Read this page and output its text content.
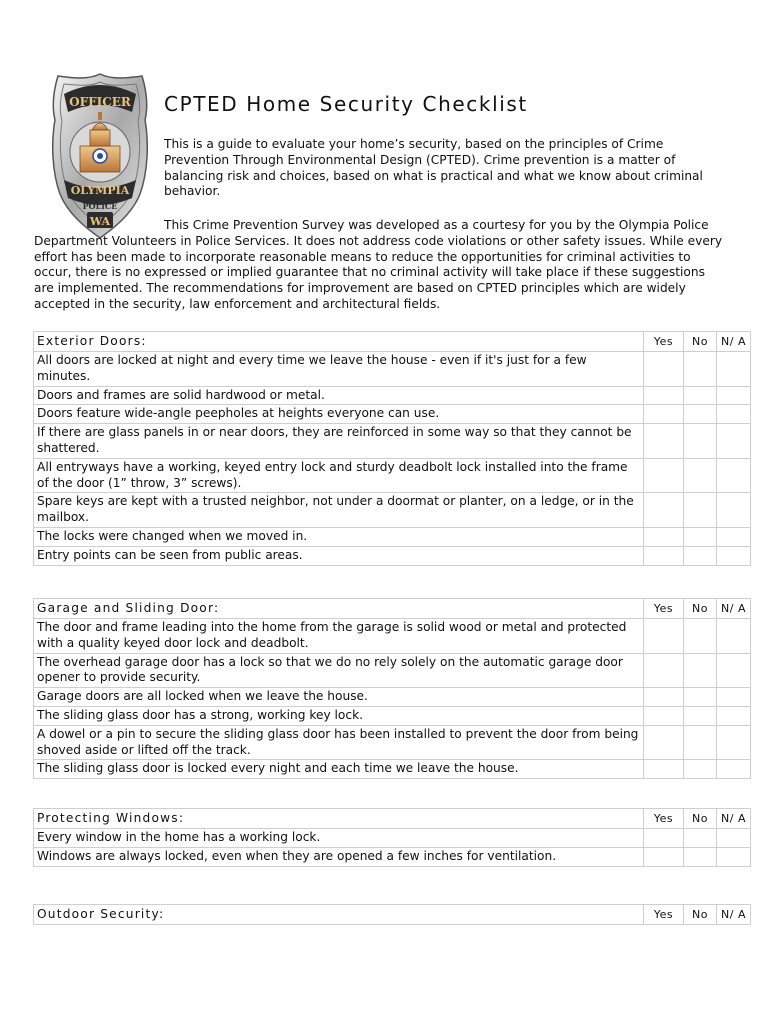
OFFICER
OLYMPIA
POLICE
WA
CPTED Home Security Checklist

This is a guide to evaluate your home’s security, based on the principles of Crime Prevention Through Environmental Design (CPTED). Crime prevention is a matter of balancing risk and choices, based on what is practical and what we know about criminal behavior.

This Crime Prevention Survey was developed as a courtesy for you by the Olympia Police Department Volunteers in Police Services. It does not address code violations or other safety issues. While every effort has been made to incorporate reasonable means to reduce the opportunities for criminal activities to occur, there is no expressed or implied guarantee that no criminal activity will take place if these suggestions are implemented. The recommendations for improvement are based on CPTED principles which are widely accepted in the security, law enforcement and architectural fields.

Exterior Doors:	Yes	No	N/ A
All doors are locked at night and every time we leave the house - even if it's just for a few minutes.			
Doors and frames are solid hardwood or metal.			
Doors feature wide-angle peepholes at heights everyone can use.			
If there are glass panels in or near doors, they are reinforced in some way so that they cannot be shattered.			
All entryways have a working, keyed entry lock and sturdy deadbolt lock installed into the frame of the door (1” throw, 3” screws).			
Spare keys are kept with a trusted neighbor, not under a doormat or planter, on a ledge, or in the mailbox.			
The locks were changed when we moved in.			
Entry points can be seen from public areas.			
Garage and Sliding Door:	Yes	No	N/ A
The door and frame leading into the home from the garage is solid wood or metal and protected with a quality keyed door lock and deadbolt.			
The overhead garage door has a lock so that we do no rely solely on the automatic garage door opener to provide security.			
Garage doors are all locked when we leave the house.			
The sliding glass door has a strong, working key lock.			
A dowel or a pin to secure the sliding glass door has been installed to prevent the door from being shoved aside or lifted off the track.			
The sliding glass door is locked every night and each time we leave the house.			
Protecting Windows:	Yes	No	N/ A
Every window in the home has a working lock.			
Windows are always locked, even when they are opened a few inches for ventilation.			
Outdoor Security:	Yes	No	N/ A
